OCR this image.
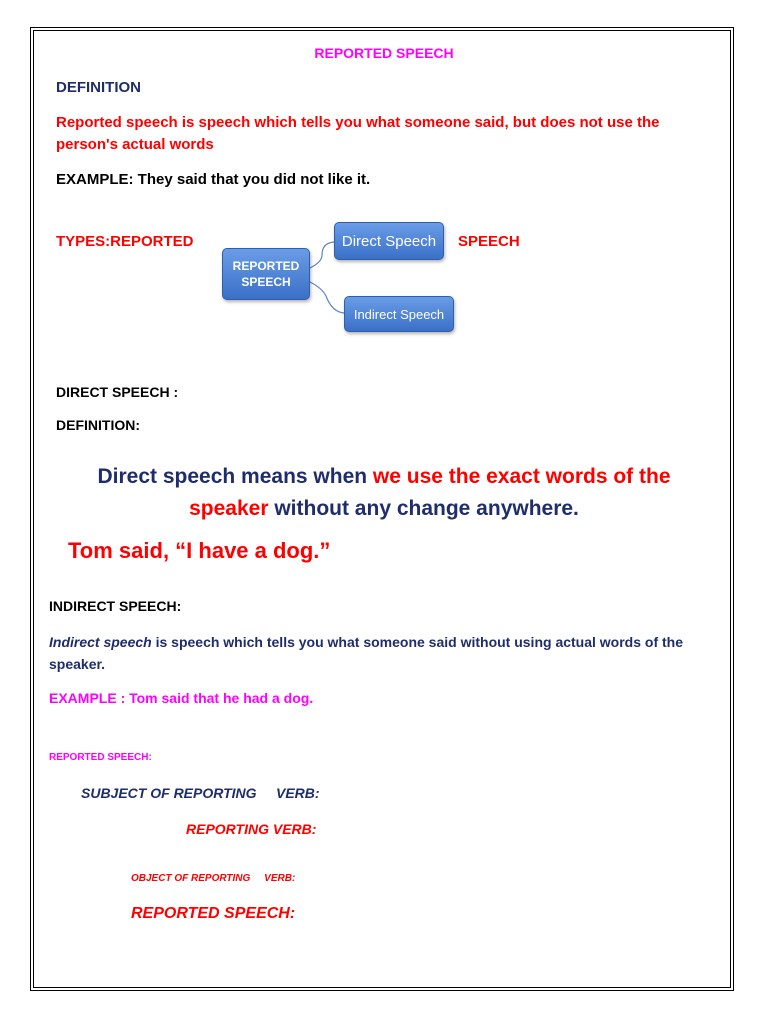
REPORTED SPEECH

DEFINITION

Reported speech is speech which tells you what someone said, but does not use the person's actual words

EXAMPLE: They said that you did not like it.

TYPES:REPORTED	SPEECH

REPORTED SPEECH
Direct Speech
Indirect Speech

DIRECT SPEECH :

DEFINITION:

Direct speech means when we use the exact words of the
speaker without any change anywhere.

Tom said, “I have a dog.”

INDIRECT SPEECH:

Indirect speech is speech which tells you what someone said without using actual words of the speaker.

EXAMPLE : Tom said that he had a dog.

REPORTED SPEECH:

SUBJECT OF REPORTING     VERB:

REPORTING VERB:

OBJECT OF REPORTING     VERB:

REPORTED SPEECH:
